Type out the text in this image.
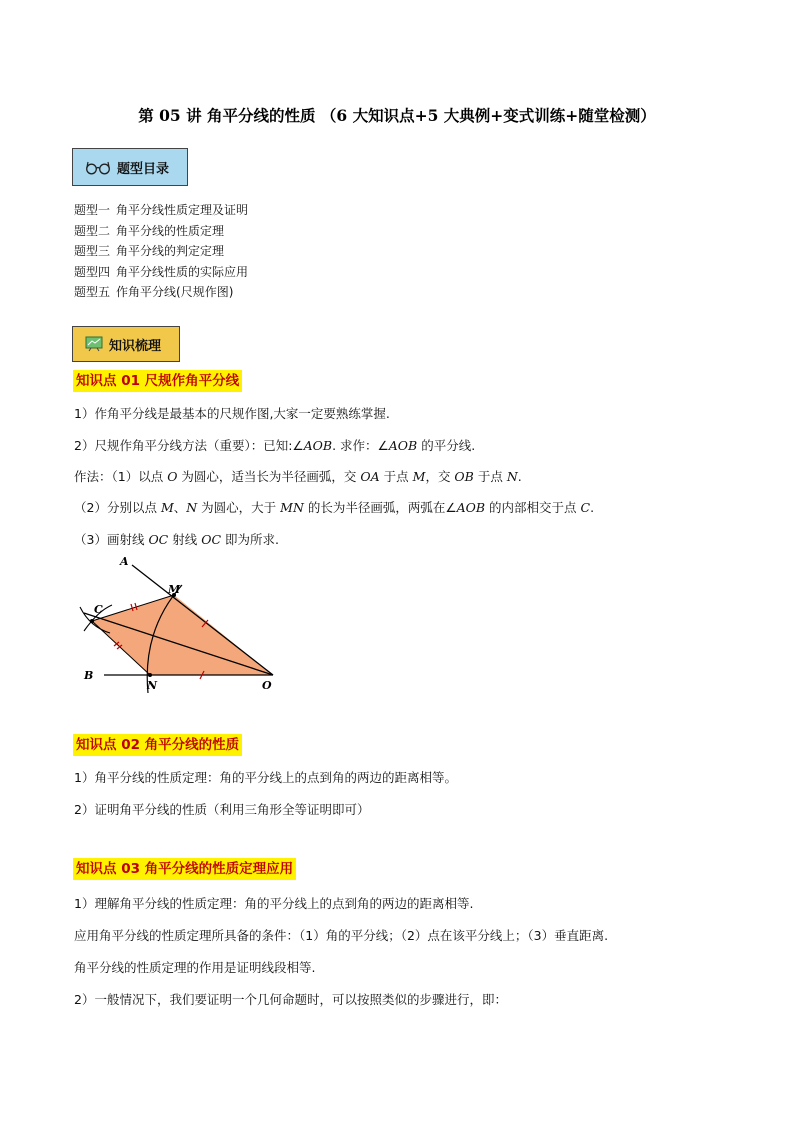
第 05 讲 角平分线的性质 （6 大知识点+5 大典例+变式训练+随堂检测）
题型目录
题型一 角平分线性质定理及证明
题型二 角平分线的性质定理
题型三 角平分线的判定定理
题型四 角平分线性质的实际应用
题型五 作角平分线(尺规作图)
知识梳理
知识点 01 尺规作角平分线
1）作角平分线是最基本的尺规作图,大家一定要熟练掌握.
2）尺规作角平分线方法（重要）：已知:∠AOB. 求作：∠AOB 的平分线.
作法：（1）以点 O 为圆心，适当长为半径画弧，交 OA 于点 M，交 OB 于点 N.
（2）分别以点 M、N 为圆心，大于 MN 的长为半径画弧，两弧在∠AOB 的内部相交于点 C.
（3）画射线 OC 射线 OC 即为所求.
A
M
C
B
N	O
知识点 02 角平分线的性质
1）角平分线的性质定理：角的平分线上的点到角的两边的距离相等。
2）证明角平分线的性质（利用三角形全等证明即可）
知识点 03 角平分线的性质定理应用
1）理解角平分线的性质定理：角的平分线上的点到角的两边的距离相等.
应用角平分线的性质定理所具备的条件：（1）角的平分线；（2）点在该平分线上；（3）垂直距离.
角平分线的性质定理的作用是证明线段相等.
2）一般情况下，我们要证明一个几何命题时，可以按照类似的步骤进行，即：
